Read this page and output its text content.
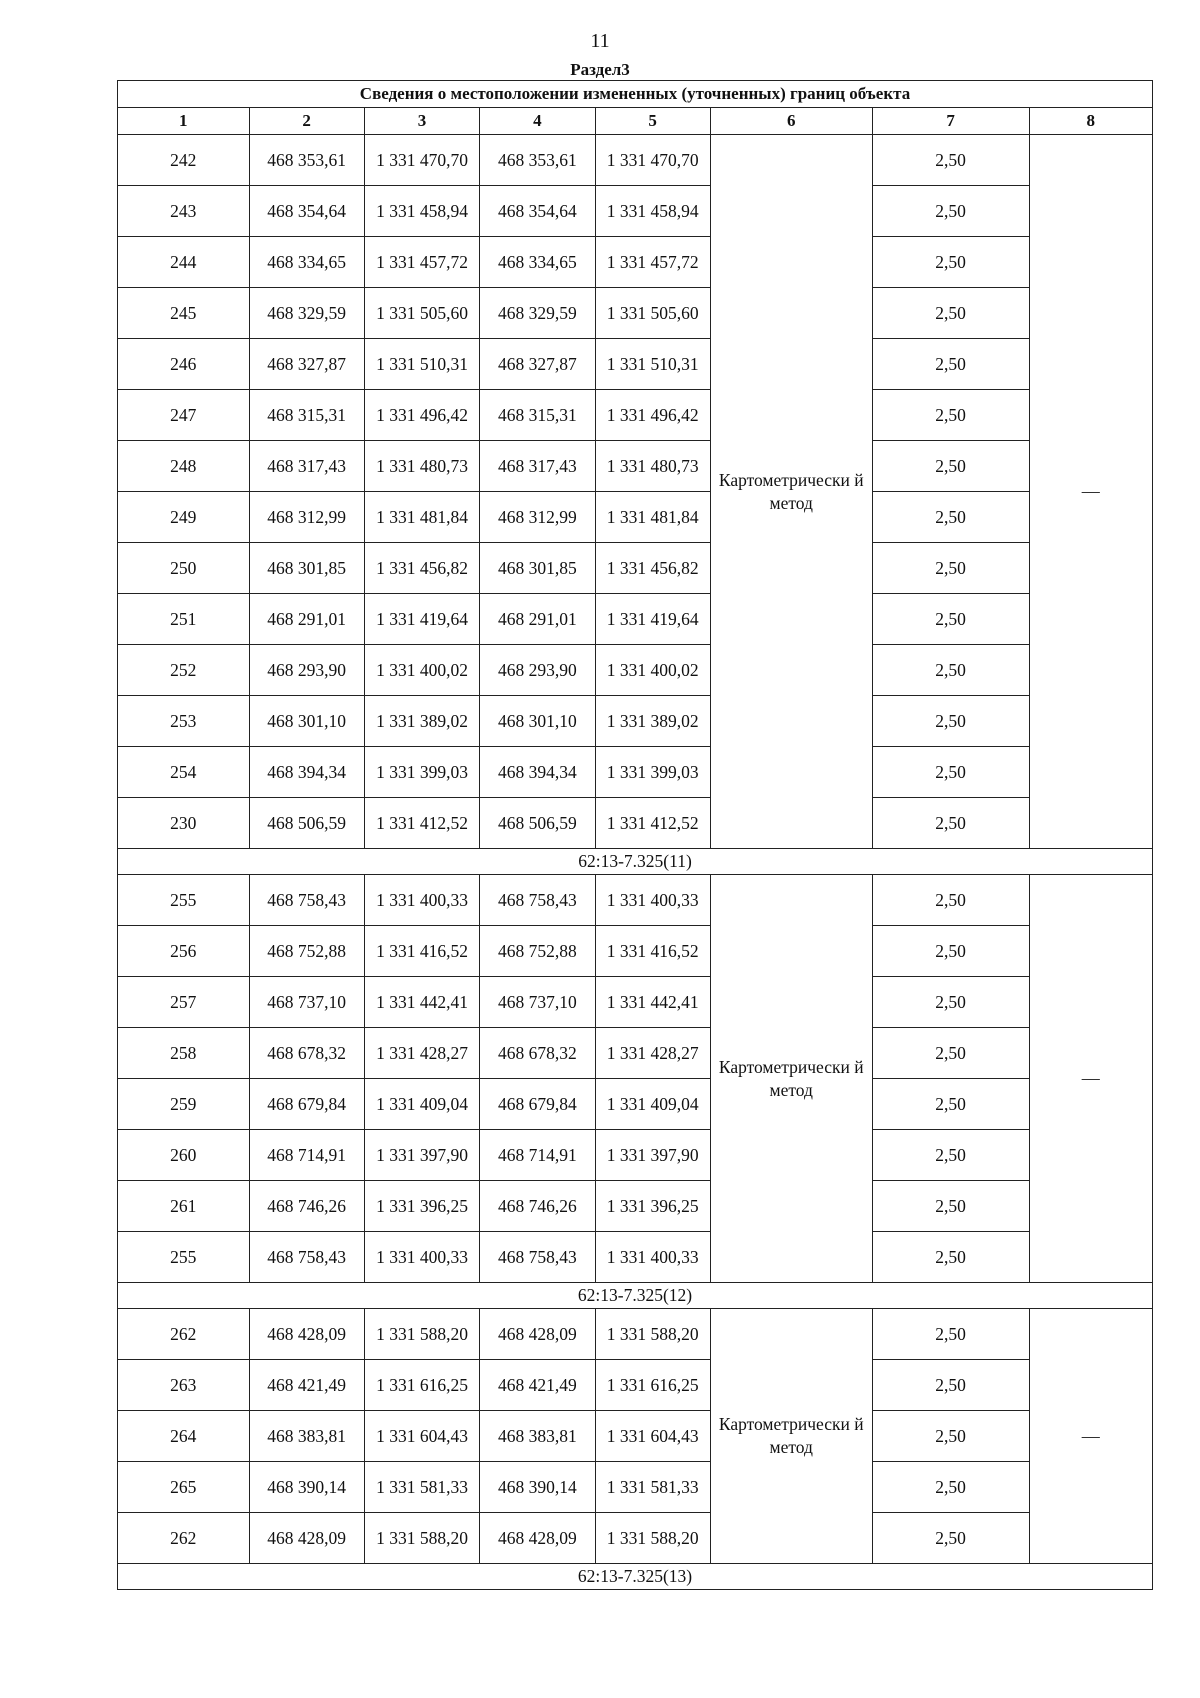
11
Раздел3
Сведения о местоположении измененных (уточненных) границ объекта							
1	2	3	4	5	6	7	8
242	468 353,61	1 331 470,70	468 353,61	1 331 470,70	Картометрически й метод	2,50	—
243	468 354,64	1 331 458,94	468 354,64	1 331 458,94		2,50	
244	468 334,65	1 331 457,72	468 334,65	1 331 457,72		2,50	
245	468 329,59	1 331 505,60	468 329,59	1 331 505,60		2,50	
246	468 327,87	1 331 510,31	468 327,87	1 331 510,31		2,50	
247	468 315,31	1 331 496,42	468 315,31	1 331 496,42		2,50	
248	468 317,43	1 331 480,73	468 317,43	1 331 480,73		2,50	
249	468 312,99	1 331 481,84	468 312,99	1 331 481,84		2,50	
250	468 301,85	1 331 456,82	468 301,85	1 331 456,82		2,50	
251	468 291,01	1 331 419,64	468 291,01	1 331 419,64		2,50	
252	468 293,90	1 331 400,02	468 293,90	1 331 400,02		2,50	
253	468 301,10	1 331 389,02	468 301,10	1 331 389,02		2,50	
254	468 394,34	1 331 399,03	468 394,34	1 331 399,03		2,50	
230	468 506,59	1 331 412,52	468 506,59	1 331 412,52		2,50	
62:13-7.325(11)							
255	468 758,43	1 331 400,33	468 758,43	1 331 400,33	Картометрически й метод	2,50	—
256	468 752,88	1 331 416,52	468 752,88	1 331 416,52		2,50	
257	468 737,10	1 331 442,41	468 737,10	1 331 442,41		2,50	
258	468 678,32	1 331 428,27	468 678,32	1 331 428,27		2,50	
259	468 679,84	1 331 409,04	468 679,84	1 331 409,04		2,50	
260	468 714,91	1 331 397,90	468 714,91	1 331 397,90		2,50	
261	468 746,26	1 331 396,25	468 746,26	1 331 396,25		2,50	
255	468 758,43	1 331 400,33	468 758,43	1 331 400,33		2,50	
62:13-7.325(12)							
262	468 428,09	1 331 588,20	468 428,09	1 331 588,20	Картометрически й метод	2,50	—
263	468 421,49	1 331 616,25	468 421,49	1 331 616,25		2,50	
264	468 383,81	1 331 604,43	468 383,81	1 331 604,43		2,50	
265	468 390,14	1 331 581,33	468 390,14	1 331 581,33		2,50	
262	468 428,09	1 331 588,20	468 428,09	1 331 588,20		2,50	
62:13-7.325(13)							
